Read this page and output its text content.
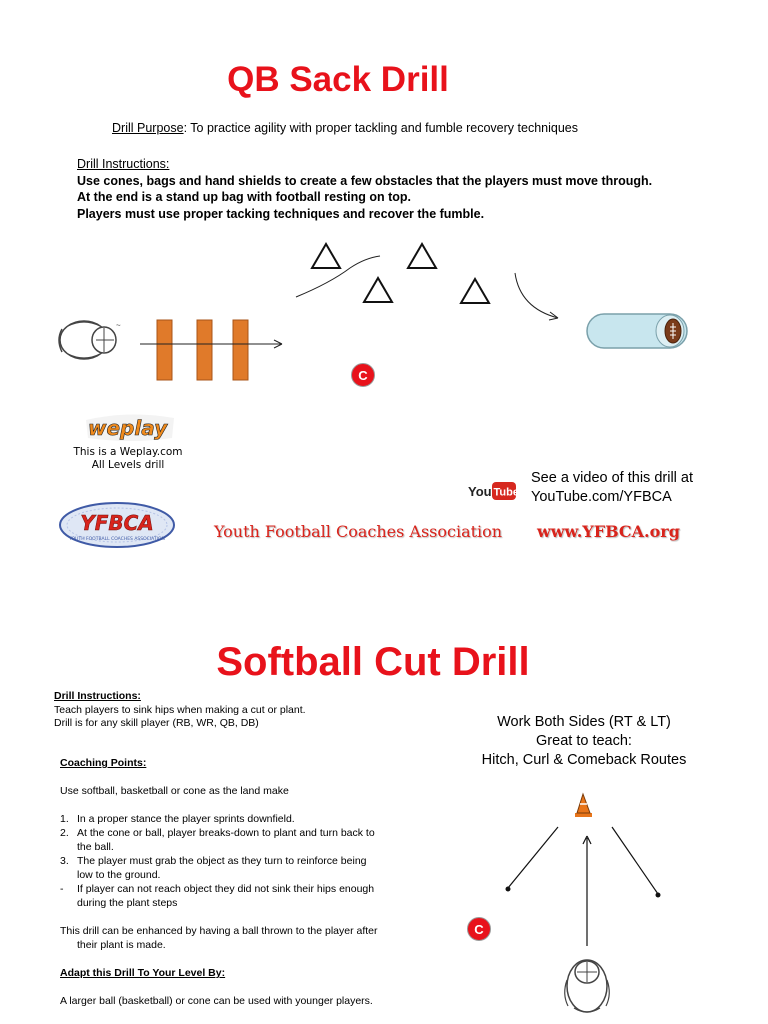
QB Sack Drill
Drill Purpose: To practice agility with proper tackling and fumble recovery techniques
Drill Instructions:
Use cones, bags and hand shields to create a few obstacles that the players must move through.
At the end is a stand up bag with football resting on top.
Players must use proper tacking techniques and recover the fumble.
~
C
weplay
This is a Weplay.com
All Levels drill
You Tube
See a video of this drill at
YouTube.com/YFBCA
YFBCA
YOUTH FOOTBALL COACHES ASSOCIATION	Youth Football Coaches Association www.YFBCA.org
Softball Cut Drill
Drill Instructions:
Teach players to sink hips when making a cut or plant.
Drill is for any skill player (RB, WR, QB, DB)	Work Both Sides (RT & LT)
Great to teach:
Hitch, Curl & Comeback Routes
Coaching Points:
Use softball, basketball or cone as the land make
1. In a proper stance the player sprints downfield.
2. At the cone or ball, player breaks-down to plant and turn back to the ball.
3. The player must grab the object as they turn to reinforce being low to the ground.
- If player can not reach object they did not sink their hips enough during the plant steps
This drill can be enhanced by having a ball thrown to the player after their plant is made.
Adapt this Drill To Your Level By:
A larger ball (basketball) or cone can be used with younger players.
C
